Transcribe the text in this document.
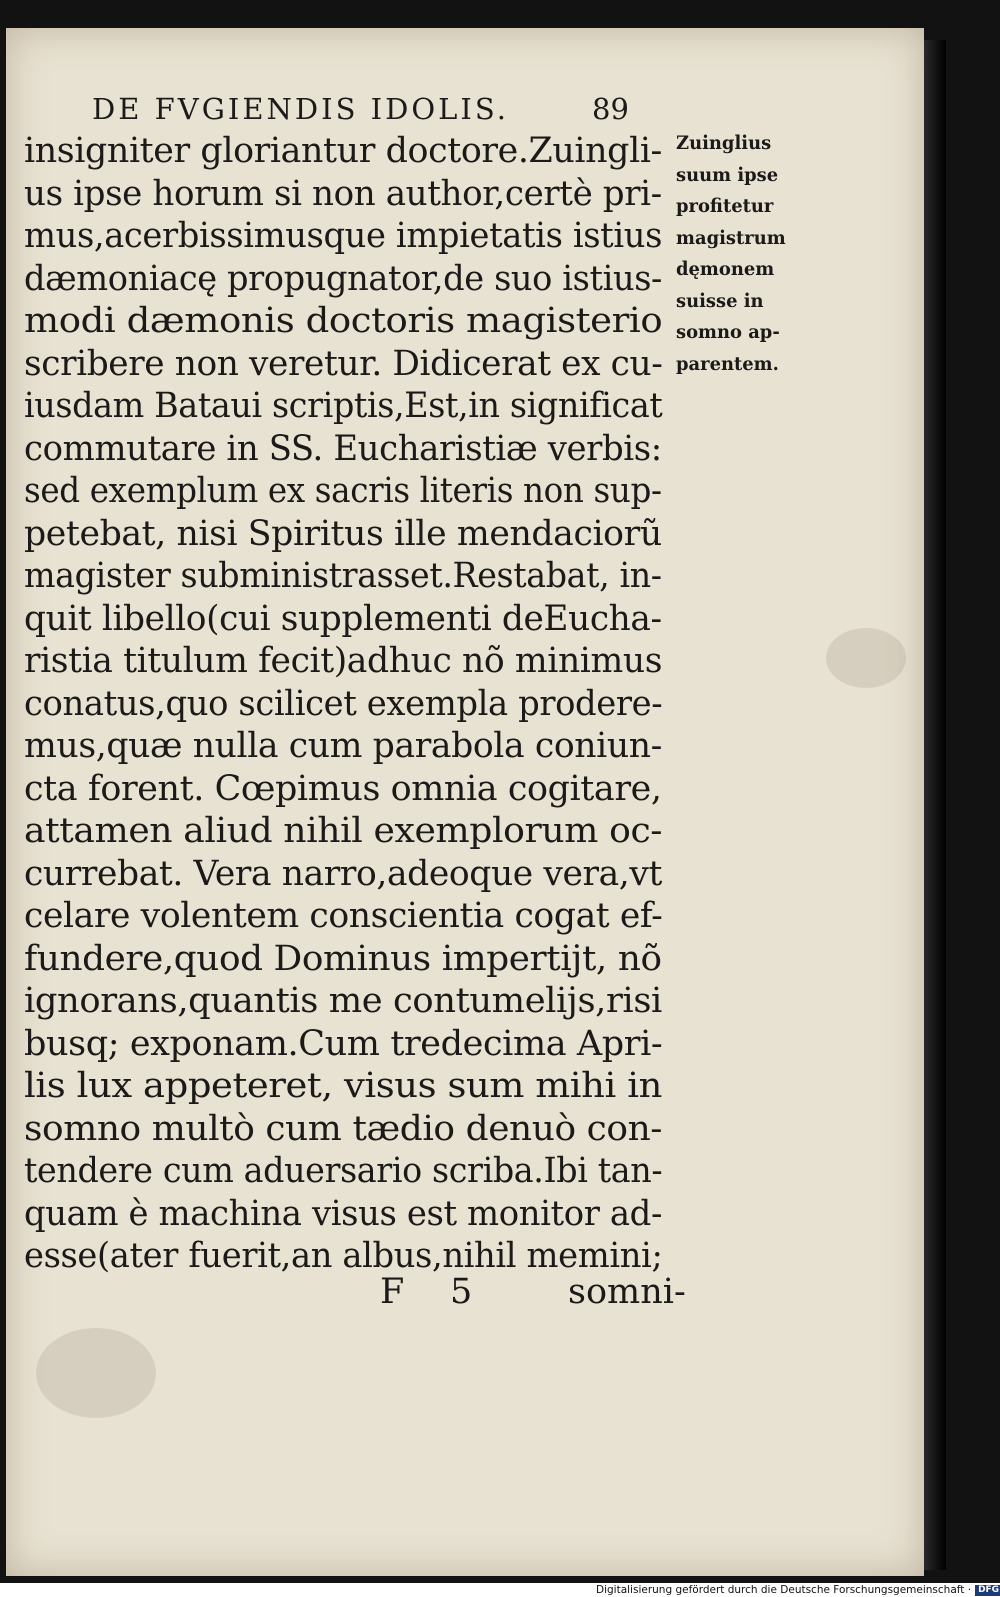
DE FVGIENDIS IDOLIS.	89
insigniter gloriantur doctore.Zuingli-
us ipse horum si non author,certè pri-
mus,acerbissimusque impietatis istius
dæmoniacę propugnator,de suo istius-
modi dæmonis doctoris magisterio
scribere non veretur. Didicerat ex cu-
iusdam Bataui scriptis,Est,in significat
commutare in SS. Eucharistiæ verbis:
sed exemplum ex sacris literis non sup-
petebat, nisi Spiritus ille mendaciorũ
magister subministrasset.Restabat, in-
quit libello(cui supplementi deEucha-
ristia titulum fecit)adhuc nõ minimus
conatus,quo scilicet exempla prodere-
mus,quæ nulla cum parabola coniun-
cta forent. Cœpimus omnia cogitare,
attamen aliud nihil exemplorum oc-
currebat. Vera narro,adeoque vera,vt
celare volentem conscientia cogat ef-
fundere,quod Dominus impertijt, nõ
ignorans,quantis me contumelijs,risi
busq; exponam.Cum tredecima Apri-
lis lux appeteret, visus sum mihi in
somno multò cum tædio denuò con-
tendere cum aduersario scriba.Ibi tan-
quam è machina visus est monitor ad-
esse(ater fuerit,an albus,nihil memini;
Zuinglius
suum ipse
profitetur
magistrum
dęmonem
suisse in
somno ap-
parentem.
F 5	somni-
Digitalisierung gefördert durch die Deutsche Forschungsgemeinschaft · DFG
